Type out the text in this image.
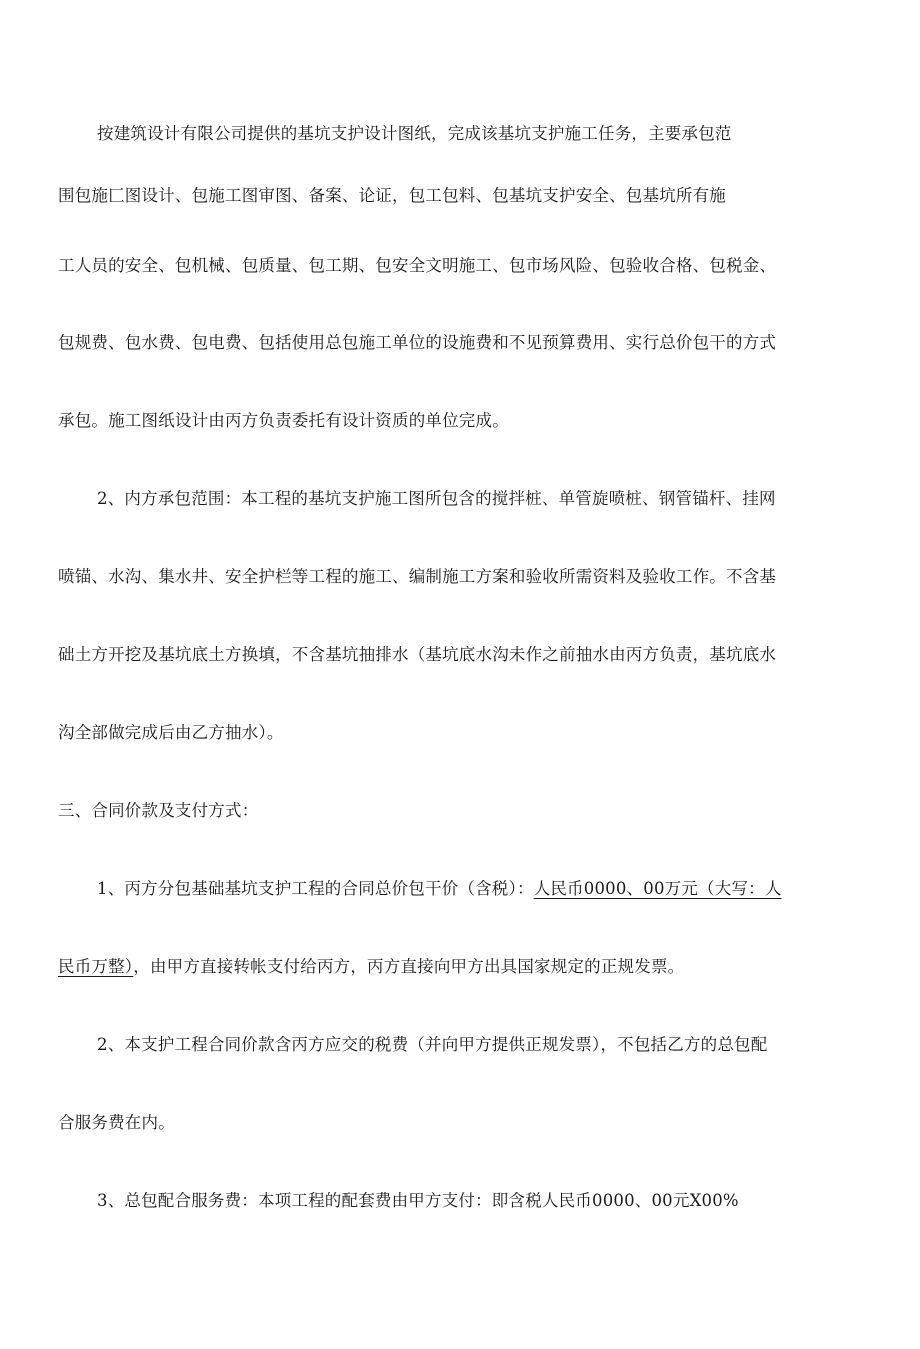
按建筑设计有限公司提供的基坑支护设计图纸，完成该基坑支护施工任务，主要承包范
围包施匚图设计、包施工图审图、备案、论证，包工包料、包基坑支护安全、包基坑所有施
工人员的安全、包机械、包质量、包工期、包安全文明施工、包市场风险、包验收合格、包税金、
包规费、包水费、包电费、包括使用总包施工单位的设施费和不见预算费用、实行总价包干的方式
承包。施工图纸设计由丙方负责委托有设计资质的单位完成。
2、内方承包范围：本工程的基坑支护施工图所包含的搅拌桩、单管旋喷桩、钢管锚杆、挂网
喷锚、水沟、集水井、安全护栏等工程的施工、编制施工方案和验收所需资料及验收工作。不含基
础土方开挖及基坑底土方换填，不含基坑抽排水（基坑底水沟未作之前抽水由丙方负责，基坑底水
沟全部做完成后由乙方抽水）。
三、合同价款及支付方式：
1、丙方分包基础基坑支护工程的合同总价包干价（含税）：人民币0000、00万元（大写：人
民币万整），由甲方直接转帐支付给丙方，丙方直接向甲方出具国家规定的正规发票。
2、本支护工程合同价款含丙方应交的税费（并向甲方提供正规发票），不包括乙方的总包配
合服务费在内。
3、总包配合服务费：本项工程的配套费由甲方支付：即含税人民币0000、00元X00%
